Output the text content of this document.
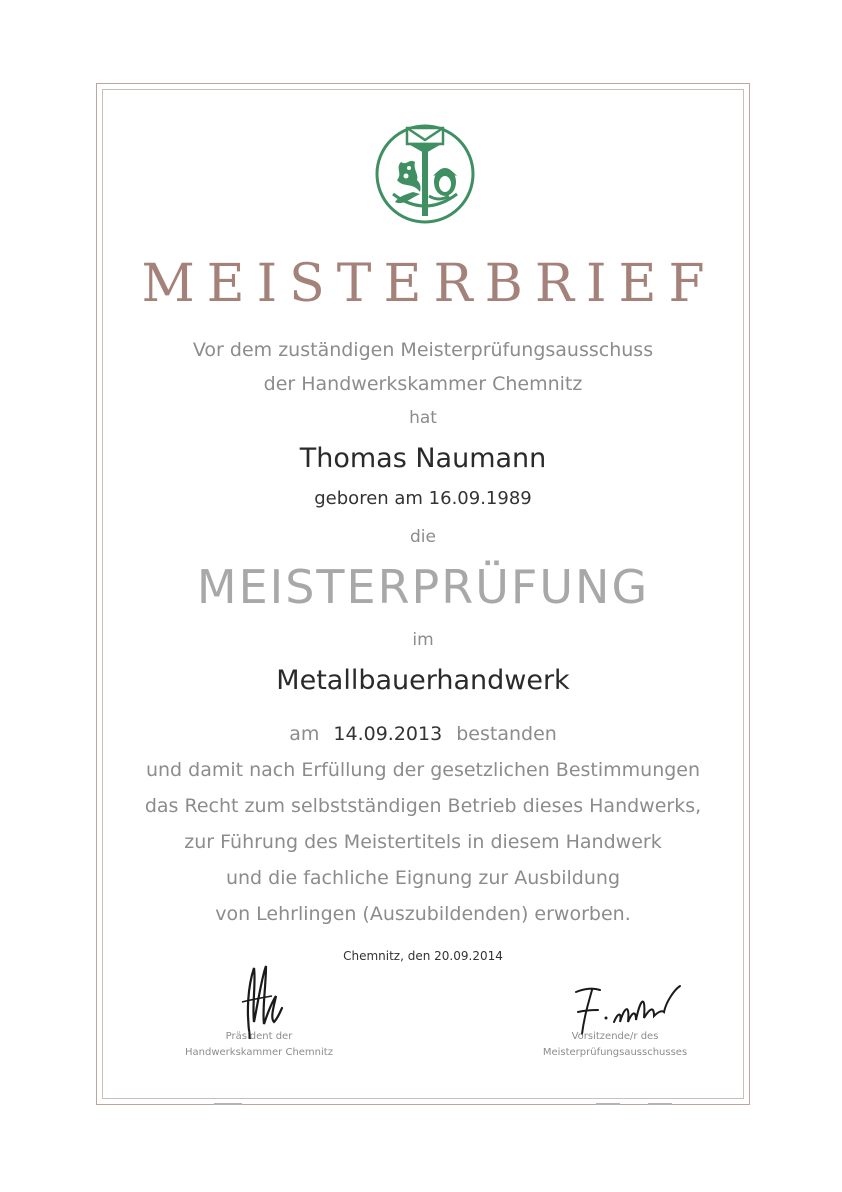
MEISTERBRIEF
Vor dem zuständigen Meisterprüfungsausschuss
der Handwerkskammer Chemnitz
hat
Thomas Naumann
geboren am 16.09.1989
die
MEISTERPRÜFUNG
im
Metallbauerhandwerk
am 14.09.2013 bestanden
und damit nach Erfüllung der gesetzlichen Bestimmungen
das Recht zum selbstständigen Betrieb dieses Handwerks,
zur Führung des Meistertitels in diesem Handwerk
und die fachliche Eignung zur Ausbildung
von Lehrlingen (Auszubildenden) erworben.
Chemnitz, den 20.09.2014
Präsident der
Handwerkskammer Chemnitz
Vorsitzende/r des
Meisterprüfungsausschusses
